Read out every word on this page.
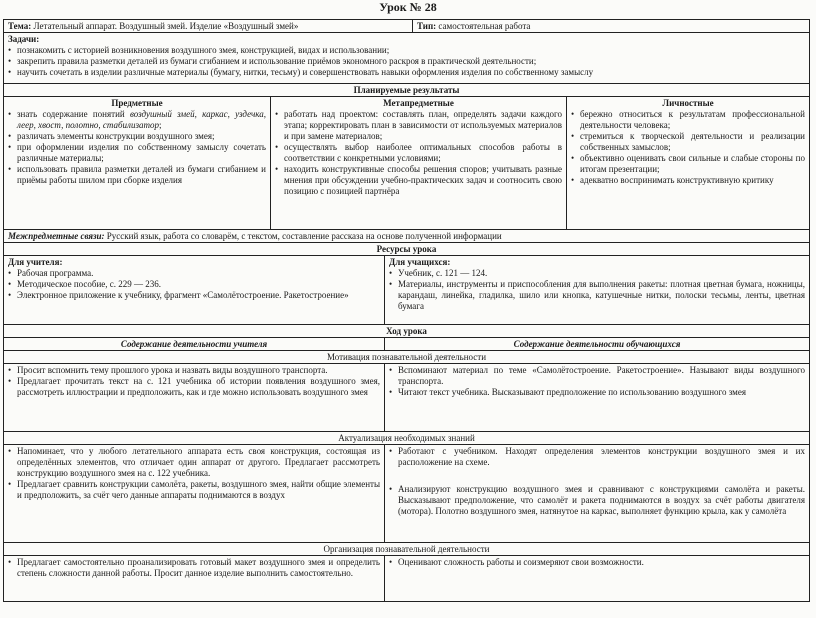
Урок № 28
Тема: Летательный аппарат. Воздушный змей. Изделие «Воздушный змей»	Тип: самостоятельная работа
Задачи:
• познакомить с историей возникновения воздушного змея, конструкцией, видах и использовании;
• закрепить правила разметки деталей из бумаги сгибанием и использование приёмов экономного раскроя в практической деятельности;
• научить сочетать в изделии различные материалы (бумагу, нитки, тесьму) и совершенствовать навыки оформления изделия по собственному замыслу
Планируемые результаты
Предметные
• знать содержание понятий воздушный змей, каркас, уздечка, леер, хвост, полотно, стабилизатор;
• различать элементы конструкции воздушного змея;
• при оформлении изделия по собственному замыслу сочетать различные материалы;
• использовать правила разметки деталей из бумаги сгибанием и приёмы работы шилом при сборке изделия
Метапредметные
• работать над проектом: составлять план, определять задачи каждого этапа; корректировать план в зависимости от используемых материалов и при замене материалов;
• осуществлять выбор наиболее оптимальных способов работы в соответствии с конкретными условиями;
• находить конструктивные способы решения споров; учитывать разные мнения при обсуждении учебно-практических задач и соотносить свою позицию с позицией партнёра
Личностные
• бережно относиться к результатам профессиональной деятельности человека;
• стремиться к творческой деятельности и реализации собственных замыслов;
• объективно оценивать свои сильные и слабые стороны по итогам презентации;
• адекватно воспринимать конструктивную критику
Межпредметные связи: Русский язык, работа со словарём, с текстом, составление рассказа на основе полученной информации
Ресурсы урока
Для учителя:
• Рабочая программа.
• Методическое пособие, с. 229 — 236.
• Электронное приложение к учебнику, фрагмент «Самолётостроение. Ракетостроение»
Для учащихся:
• Учебник, с. 121 — 124.
• Материалы, инструменты и приспособления для выполнения ракеты: плотная цветная бумага, ножницы, карандаш, линейка, гладилка, шило или кнопка, катушечные нитки, полоски тесьмы, ленты, цветная бумага
Ход урока
Содержание деятельности учителя	Содержание деятельности обучающихся
Мотивация познавательной деятельности
• Просит вспомнить тему прошлого урока и назвать виды воздушного транспорта.
• Предлагает прочитать текст на с. 121 учебника об истории появления воздушного змея, рассмотреть иллюстрации и предположить, как и где можно использовать воздушного змея
• Вспоминают материал по теме «Самолётостроение. Ракетостроение». Называют виды воздушного транспорта.
• Читают текст учебника. Высказывают предположение по использованию воздушного змея
Актуализация необходимых знаний
• Напоминает, что у любого летательного аппарата есть своя конструкция, состоящая из определённых элементов, что отличает один аппарат от другого. Предлагает рассмотреть конструкцию воздушного змея на с. 122 учебника.
• Предлагает сравнить конструкции самолёта, ракеты, воздушного змея, найти общие элементы и предположить, за счёт чего данные аппараты поднимаются в воздух
• Работают с учебником. Находят определения элементов конструкции воздушного змея и их расположение на схеме.
• Анализируют конструкцию воздушного змея и сравнивают с конструкциями самолёта и ракеты. Высказывают предположение, что самолёт и ракета поднимаются в воздух за счёт работы двигателя (мотора). Полотно воздушного змея, натянутое на каркас, выполняет функцию крыла, как у самолёта
Организация познавательной деятельности
• Предлагает самостоятельно проанализировать готовый макет воздушного змея и определить степень сложности данной работы. Просит данное изделие выполнить самостоятельно.
• Оценивают сложность работы и соизмеряют свои возможности.
